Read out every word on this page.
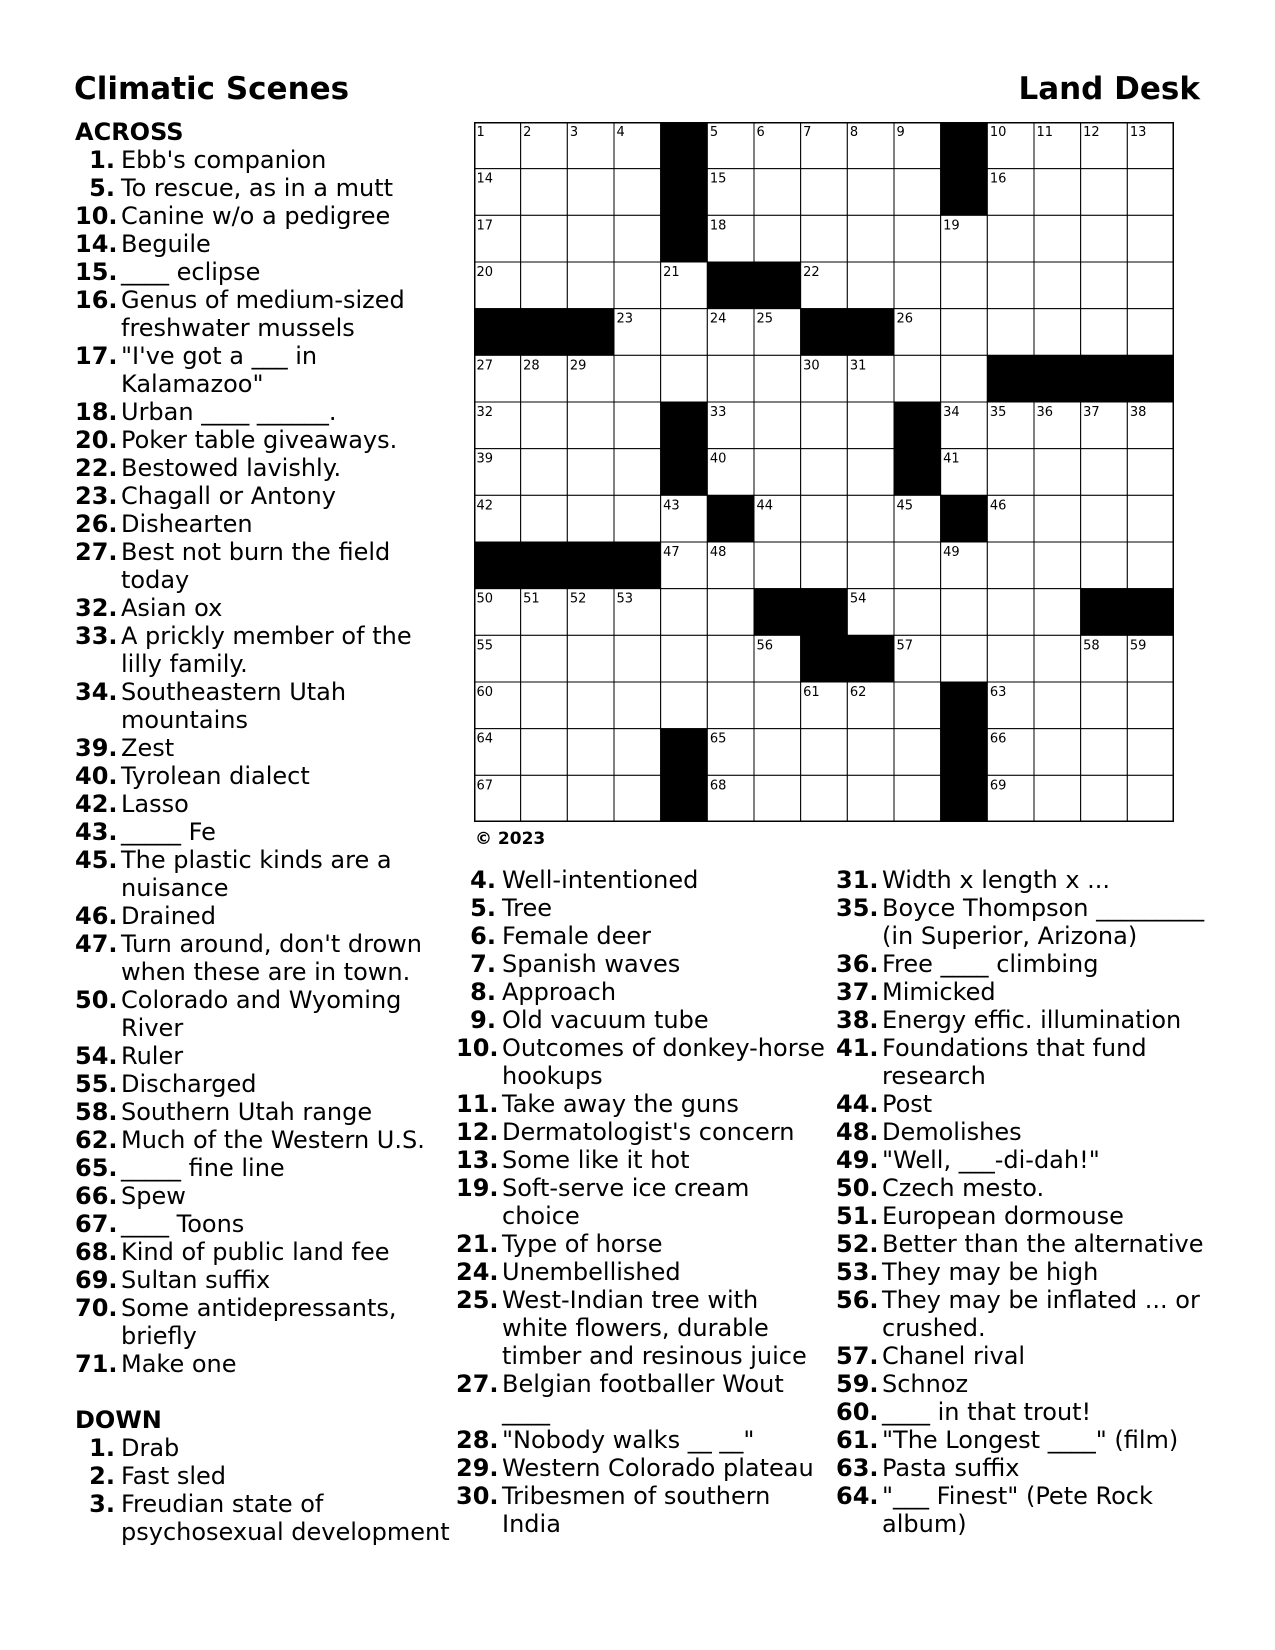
Climatic Scenes	Land Desk
ACROSS
1. Ebb's companion
5. To rescue, as in a mutt
10. Canine w/o a pedigree
14. Beguile
15. ____ eclipse
16. Genus of medium-sized freshwater mussels
17. "I've got a ___ in Kalamazoo"
18. Urban ____ ______.
20. Poker table giveaways.
22. Bestowed lavishly.
23. Chagall or Antony
26. Dishearten
27. Best not burn the field today
32. Asian ox
33. A prickly member of the lilly family.
34. Southeastern Utah mountains
39. Zest
40. Tyrolean dialect
42. Lasso
43. _____ Fe
45. The plastic kinds are a nuisance
46. Drained
47. Turn around, don't drown when these are in town.
50. Colorado and Wyoming River
54. Ruler
55. Discharged
58. Southern Utah range
62. Much of the Western U.S.
65. _____ fine line
66. Spew
67. ____ Toons
68. Kind of public land fee
69. Sultan suffix
70. Some antidepressants, briefly
71. Make one
DOWN
1. Drab
2. Fast sled
3. Freudian state of psychosexual development
1	2	3	4	5	6	7	8	9	10 11 12 13
14	15	16
17	18	19
20	21	22
23	24 25	26
27 28 29	30 31
32	33	34 35 36 37 38
39	40	41
42	43	44	45	46
47 48	49
50 51 52 53	54
55	56	57	58 59
60	61 62	63
64	65	66
67	68	69
© 2023
4. Well-intentioned
5. Tree
6. Female deer
7. Spanish waves
8. Approach
9. Old vacuum tube
10. Outcomes of donkey-horse hookups
11. Take away the guns
12. Dermatologist's concern
13. Some like it hot
19. Soft-serve ice cream choice
21. Type of horse
24. Unembellished
25. West-Indian tree with white flowers, durable timber and resinous juice
27. Belgian footballer Wout ____
28. "Nobody walks __ __"
29. Western Colorado plateau
30. Tribesmen of southern India
31. Width x length x ...
35. Boyce Thompson _________ (in Superior, Arizona)
36. Free ____ climbing
37. Mimicked
38. Energy effic. illumination
41. Foundations that fund research
44. Post
48. Demolishes
49. "Well, ___-di-dah!"
50. Czech mesto.
51. European dormouse
52. Better than the alternative
53. They may be high
56. They may be inflated ... or crushed.
57. Chanel rival
59. Schnoz
60. ____ in that trout!
61. "The Longest ____" (film)
63. Pasta suffix
64. "___ Finest" (Pete Rock album)
